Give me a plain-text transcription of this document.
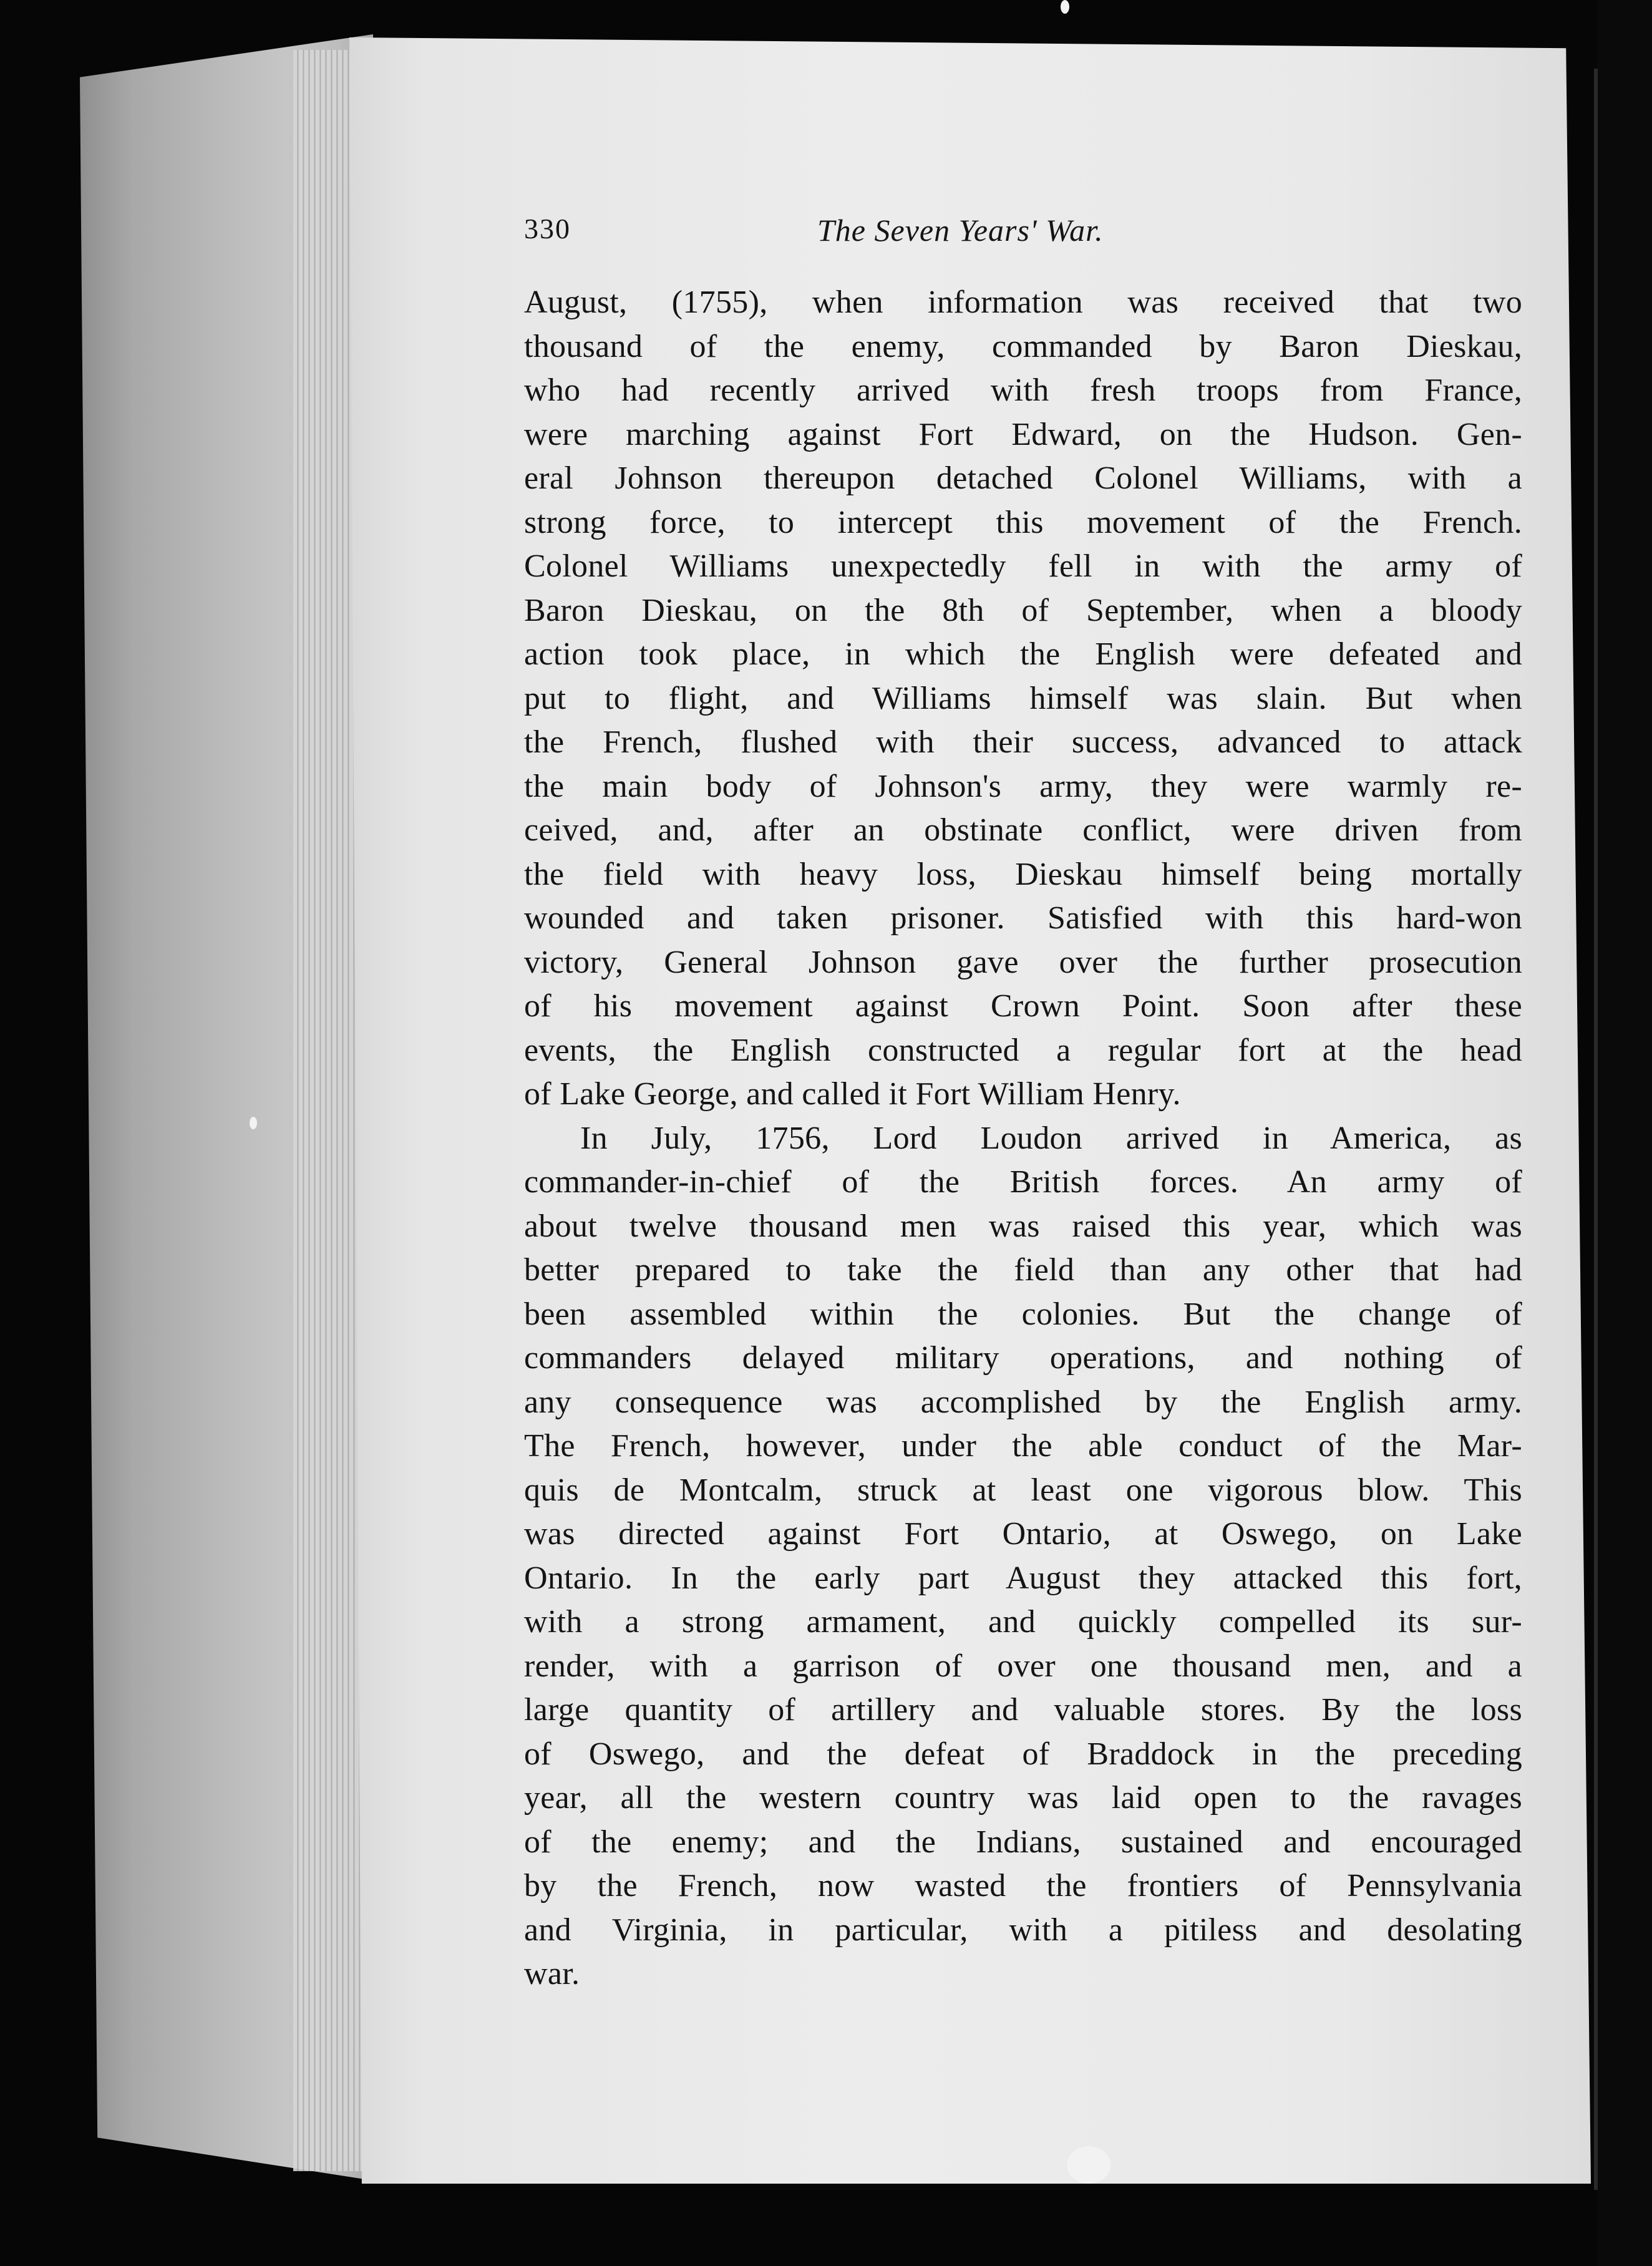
330	The Seven Years' War.
August, (1755), when information was received that two
thousand of the enemy, commanded by Baron Dieskau,
who had recently arrived with fresh troops from France,
were marching against Fort Edward, on the Hudson. Gen-
eral Johnson thereupon detached Colonel Williams, with a
strong force, to intercept this movement of the French.
Colonel Williams unexpectedly fell in with the army of
Baron Dieskau, on the 8th of September, when a bloody
action took place, in which the English were defeated and
put to flight, and Williams himself was slain. But when
the French, flushed with their success, advanced to attack
the main body of Johnson's army, they were warmly re-
ceived, and, after an obstinate conflict, were driven from
the field with heavy loss, Dieskau himself being mortally
wounded and taken prisoner. Satisfied with this hard-won
victory, General Johnson gave over the further prosecution
of his movement against Crown Point. Soon after these
events, the English constructed a regular fort at the head
of Lake George, and called it Fort William Henry.
In July, 1756, Lord Loudon arrived in America, as
commander-in-chief of the British forces. An army of
about twelve thousand men was raised this year, which was
better prepared to take the field than any other that had
been assembled within the colonies. But the change of
commanders delayed military operations, and nothing of
any consequence was accomplished by the English army.
The French, however, under the able conduct of the Mar-
quis de Montcalm, struck at least one vigorous blow. This
was directed against Fort Ontario, at Oswego, on Lake
Ontario. In the early part August they attacked this fort,
with a strong armament, and quickly compelled its sur-
render, with a garrison of over one thousand men, and a
large quantity of artillery and valuable stores. By the loss
of Oswego, and the defeat of Braddock in the preceding
year, all the western country was laid open to the ravages
of the enemy; and the Indians, sustained and encouraged
by the French, now wasted the frontiers of Pennsylvania
and Virginia, in particular, with a pitiless and desolating
war.
